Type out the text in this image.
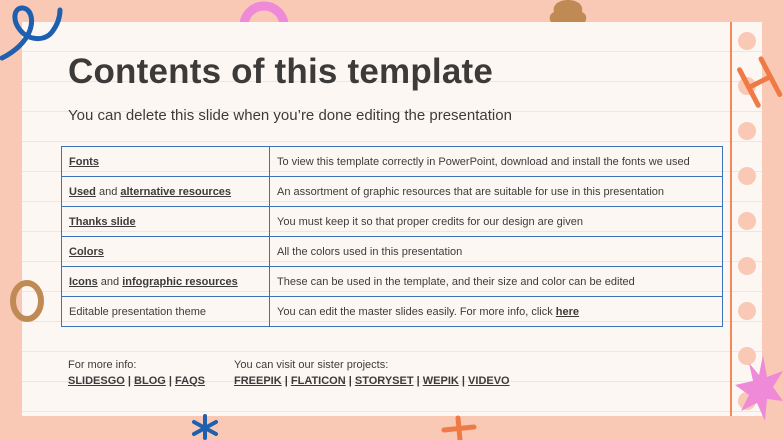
Contents of this template
You can delete this slide when you’re done editing the presentation
Fonts	To view this template correctly in PowerPoint, download and install the fonts we used
Used and alternative resources	An assortment of graphic resources that are suitable for use in this presentation
Thanks slide	You must keep it so that proper credits for our design are given
Colors	All the colors used in this presentation
Icons and infographic resources	These can be used in the template, and their size and color can be edited
Editable presentation theme	You can edit the master slides easily. For more info, click here
For more info:
SLIDESGO | BLOG | FAQS
You can visit our sister projects:
FREEPIK | FLATICON | STORYSET | WEPIK | VIDEVO
